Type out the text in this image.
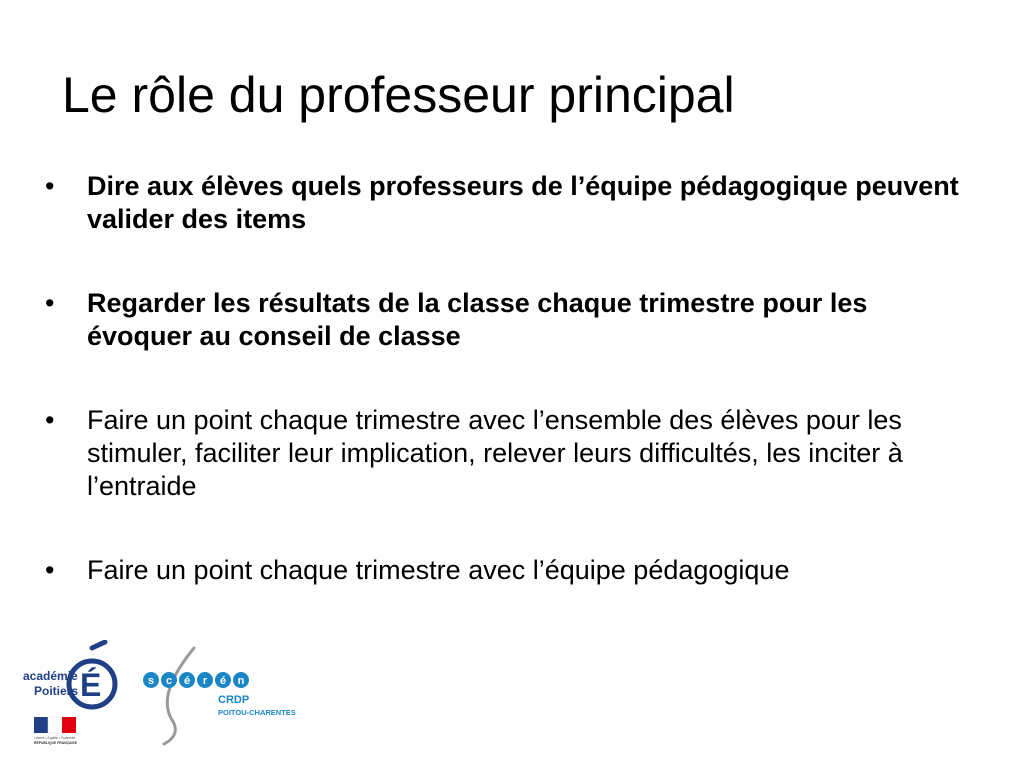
Le rôle du professeur principal
•	Dire aux élèves quels professeurs de l’équipe pédagogique peuvent valider des items
•	Regarder les résultats de la classe chaque trimestre pour les évoquer au conseil de classe
•	Faire un point chaque trimestre avec l’ensemble des élèves pour les stimuler, faciliter leur implication, relever leurs difficultés, les inciter à l’entraide
•	Faire un point chaque trimestre avec l’équipe pédagogique
académie
Poitiers É
Liberté • Égalité • Fraternité
RÉPUBLIQUE FRANÇAISE
s c é r é n
CRDP
POITOU-CHARENTES
